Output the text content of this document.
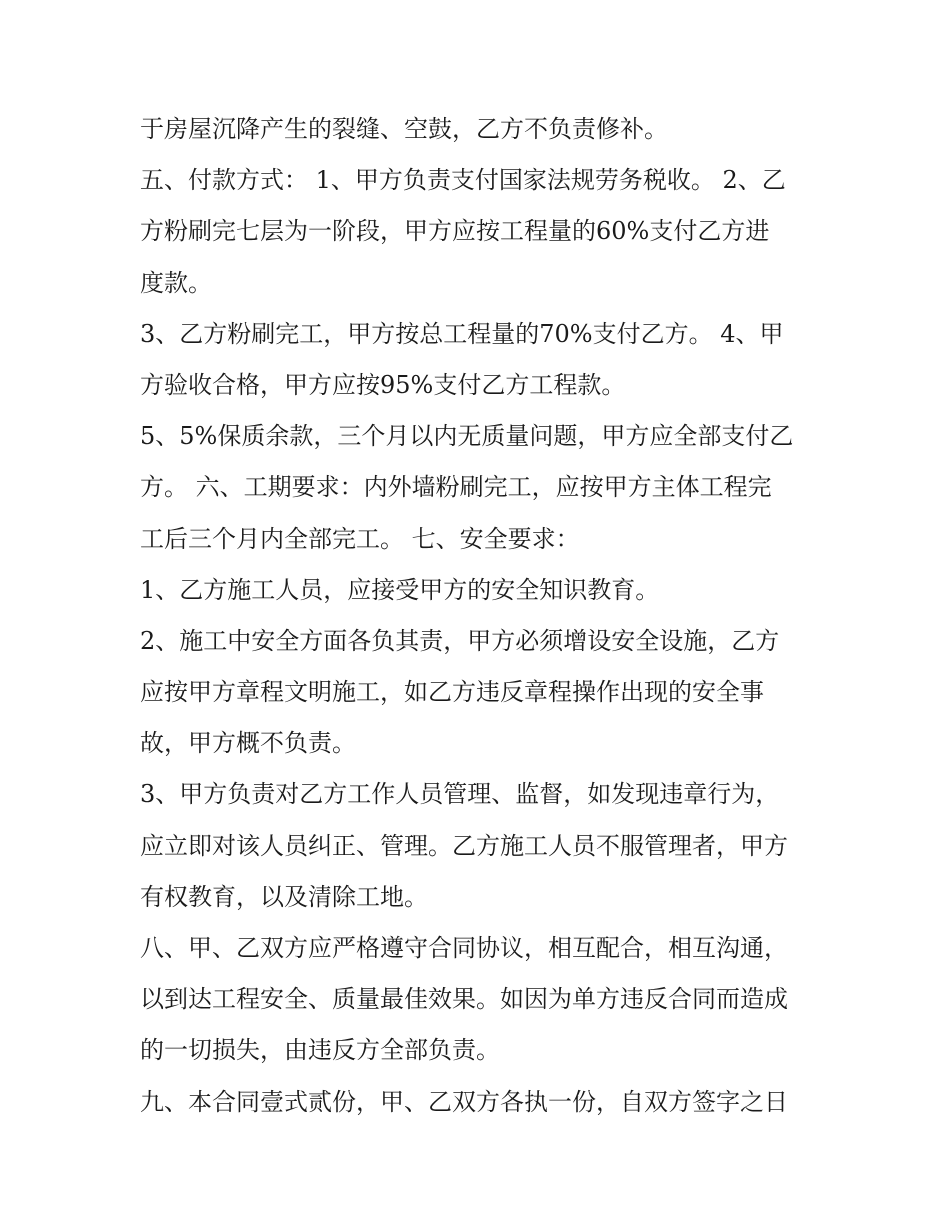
于房屋沉降产生的裂缝、空鼓，乙方不负责修补。
五、付款方式： 1、甲方负责支付国家法规劳务税收。 2、乙
方粉刷完七层为一阶段，甲方应按工程量的60%支付乙方进
度款。
3、乙方粉刷完工，甲方按总工程量的70%支付乙方。 4、甲
方验收合格，甲方应按95%支付乙方工程款。
5、5%保质余款，三个月以内无质量问题，甲方应全部支付乙
方。 六、工期要求：内外墙粉刷完工，应按甲方主体工程完
工后三个月内全部完工。 七、安全要求：
1、乙方施工人员，应接受甲方的安全知识教育。
2、施工中安全方面各负其责，甲方必须增设安全设施，乙方
应按甲方章程文明施工，如乙方违反章程操作出现的安全事
故，甲方概不负责。
3、甲方负责对乙方工作人员管理、监督，如发现违章行为，
应立即对该人员纠正、管理。乙方施工人员不服管理者，甲方
有权教育，以及清除工地。
八、甲、乙双方应严格遵守合同协议，相互配合，相互沟通，
以到达工程安全、质量最佳效果。如因为单方违反合同而造成
的一切损失，由违反方全部负责。
九、本合同壹式贰份，甲、乙双方各执一份，自双方签字之日
